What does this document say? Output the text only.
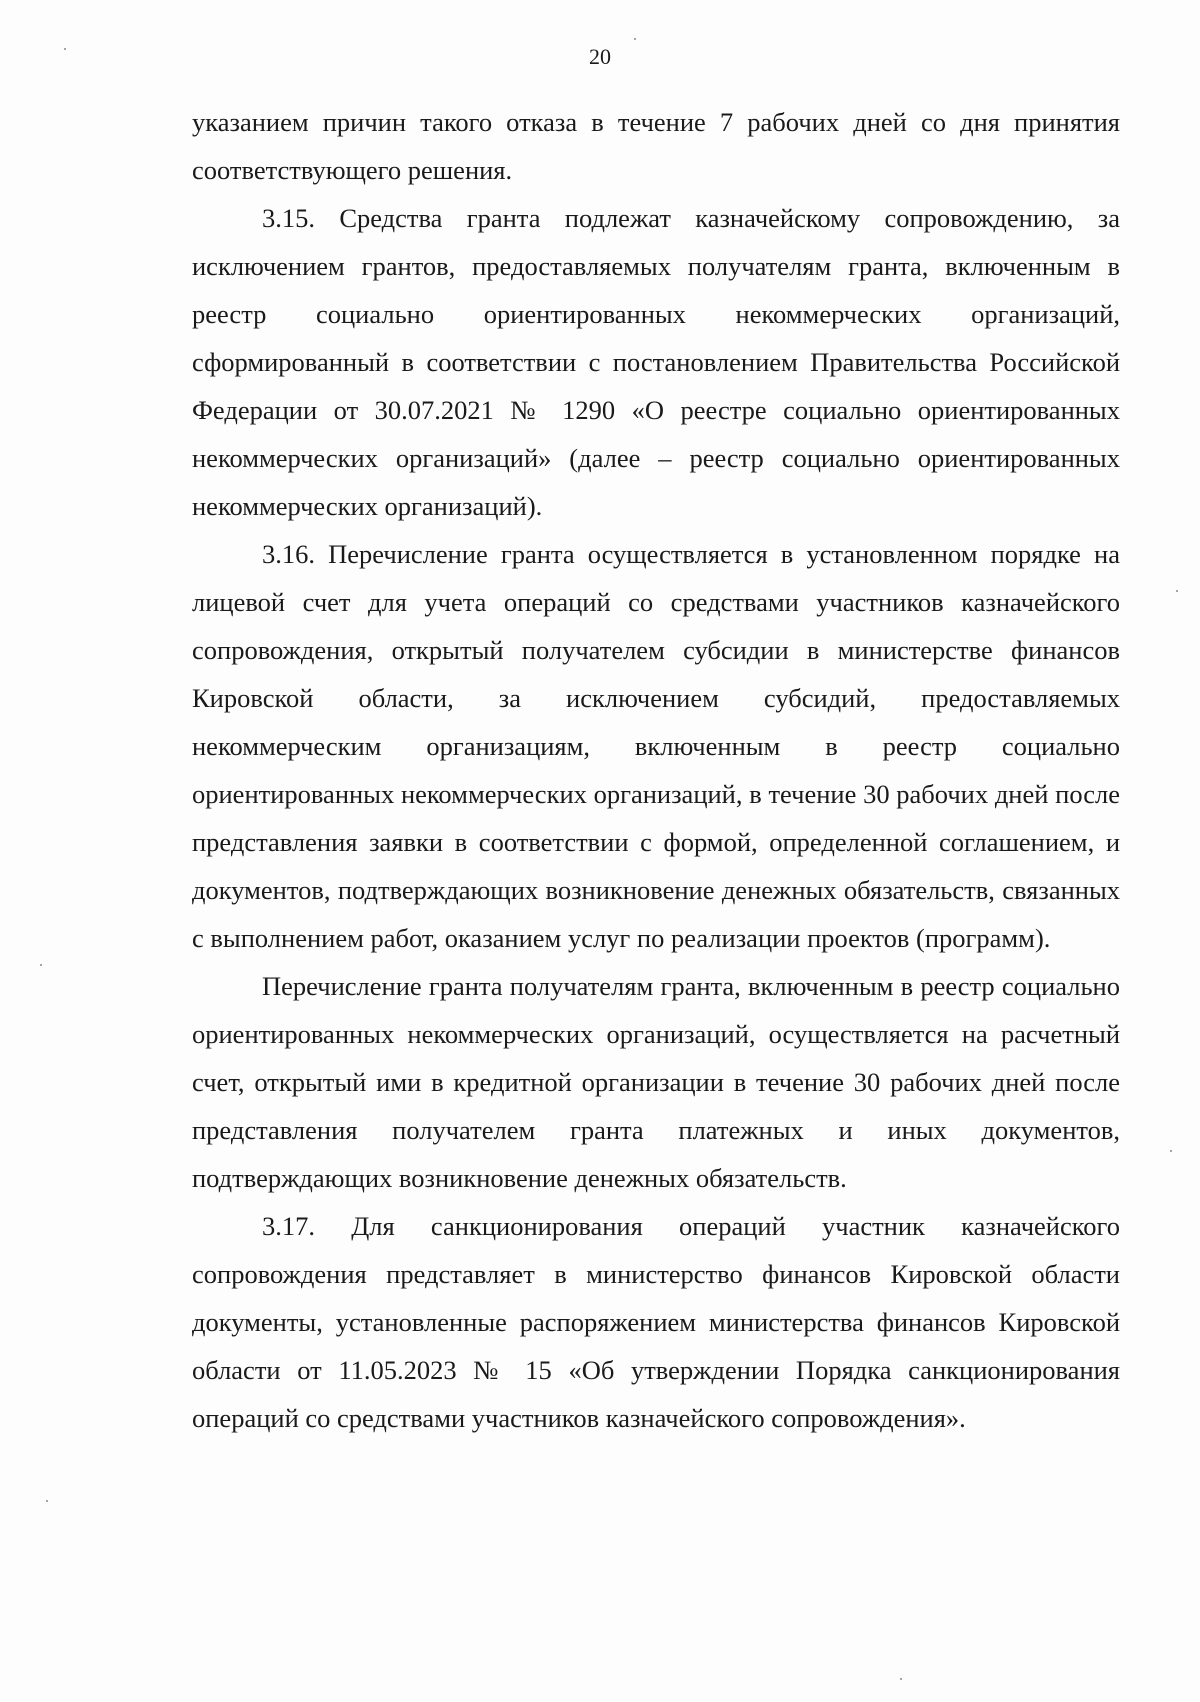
20

указанием причин такого отказа в течение 7 рабочих дней со дня принятия соответствующего решения.

3.15. Средства гранта подлежат казначейскому сопровождению, за исключением грантов, предоставляемых получателям гранта, включенным в реестр социально ориентированных некоммерческих организаций, сформированный в соответствии с постановлением Правительства Российской Федерации от 30.07.2021 № 1290 «О реестре социально ориентированных некоммерческих организаций» (далее – реестр социально ориентированных некоммерческих организаций).

3.16. Перечисление гранта осуществляется в установленном порядке на лицевой счет для учета операций со средствами участников казначейского сопровождения, открытый получателем субсидии в министерстве финансов Кировской области, за исключением субсидий, предоставляемых некоммерческим организациям, включенным в реестр социально ориентированных некоммерческих организаций, в течение 30 рабочих дней после представления заявки в соответствии с формой, определенной соглашением, и документов, подтверждающих возникновение денежных обязательств, связанных с выполнением работ, оказанием услуг по реализации проектов (программ).

Перечисление гранта получателям гранта, включенным в реестр социально ориентированных некоммерческих организаций, осуществляется на расчетный счет, открытый ими в кредитной организации в течение 30 рабочих дней после представления получателем гранта платежных и иных документов, подтверждающих возникновение денежных обязательств.

3.17. Для санкционирования операций участник казначейского сопровождения представляет в министерство финансов Кировской области документы, установленные распоряжением министерства финансов Кировской области от 11.05.2023 № 15 «Об утверждении Порядка санкционирования операций со средствами участников казначейского сопровождения».
